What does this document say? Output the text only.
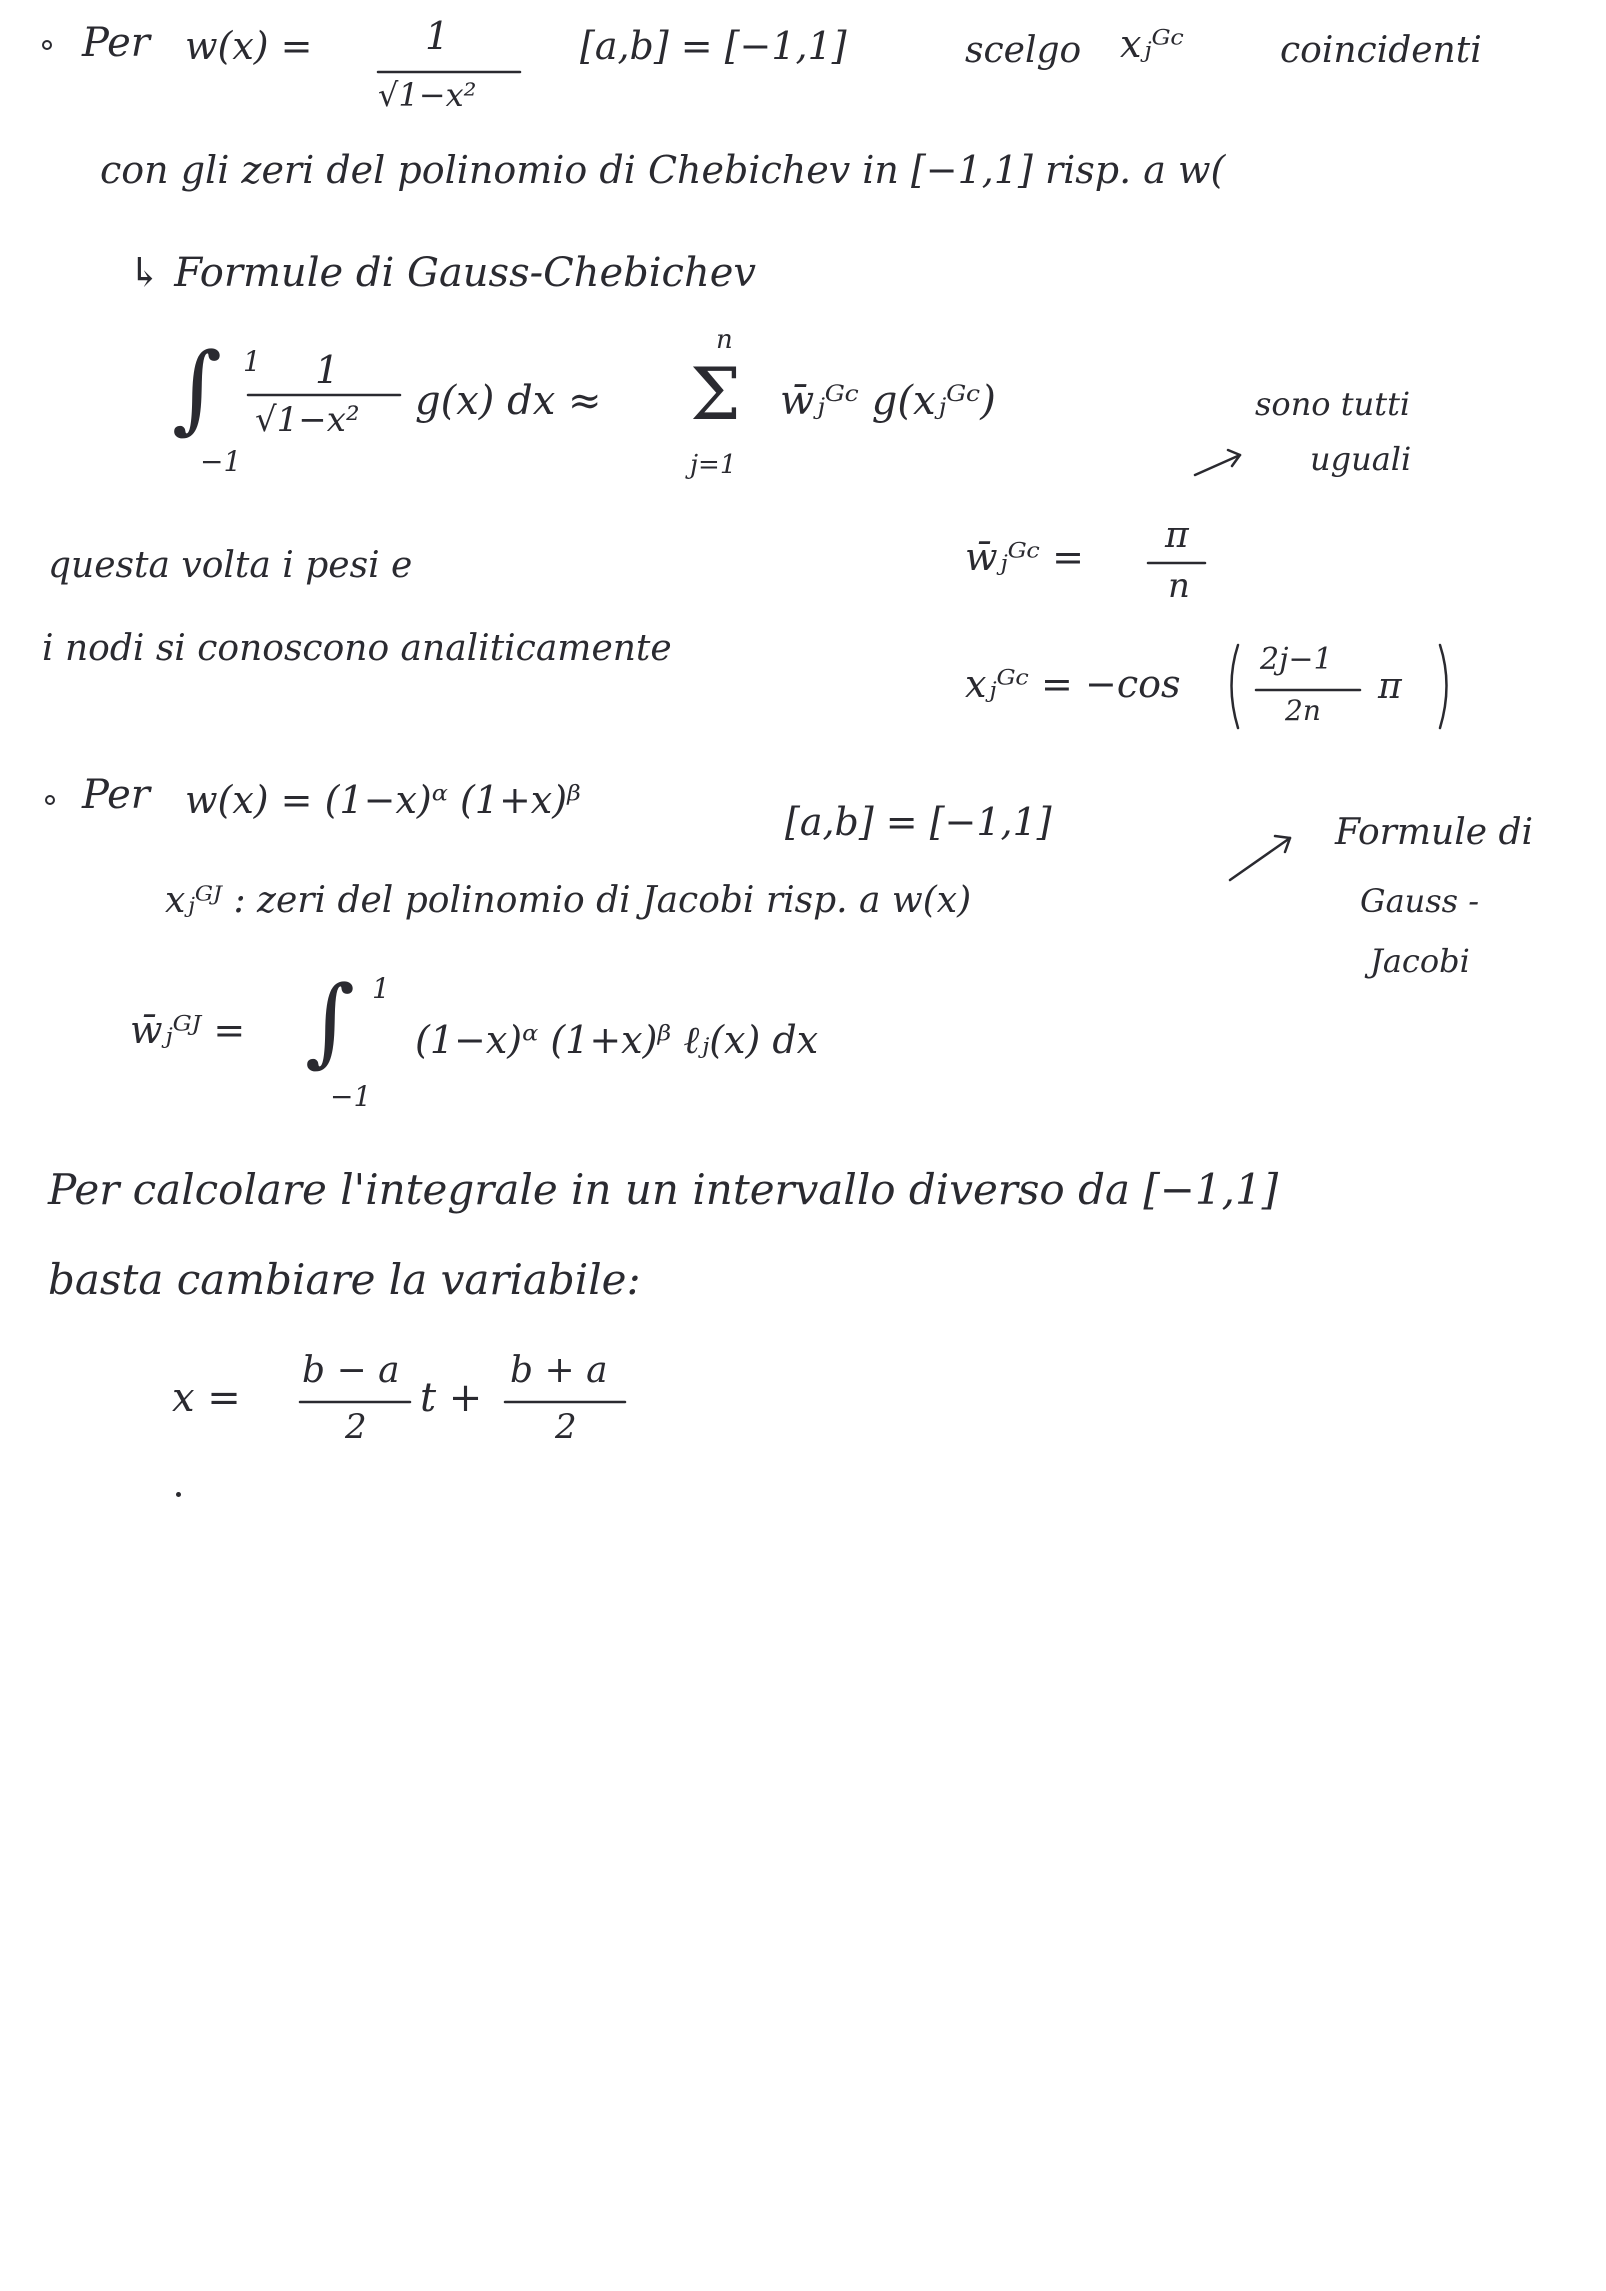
Per w(x) =	1
√1−x²
[a,b] = [−1,1]	scelgo xⱼᴳᶜ	coincidenti
con gli zeri del polinomio di Chebichev in [−1,1] risp. a w(
↳ Formule di Gauss-Chebichev
∫ 1
−1
1
√1−x² g(x) dx ≈
n
Σ
j=1
w̄ⱼᴳᶜ g(xⱼᴳᶜ)	sono tutti
uguali
questa volta i pesi e
i nodi si conoscono analiticamente
w̄ⱼᴳᶜ = π
n
xⱼᴳᶜ = −cos
2j−1
2n
π
Per w(x) = (1−x)ᵅ (1+x)ᵝ	[a,b] = [−1,1]	Formule di
Gauss -
Jacobi
xⱼᴳᴶ : zeri del polinomio di Jacobi risp. a w(x)
w̄ⱼᴳᴶ = ∫ 1
−1
(1−x)ᵅ (1+x)ᵝ ℓⱼ(x) dx
Per calcolare l'integrale in un intervallo diverso da [−1,1]
basta cambiare la variabile:
x =
b − a
2
t +
b + a
2
